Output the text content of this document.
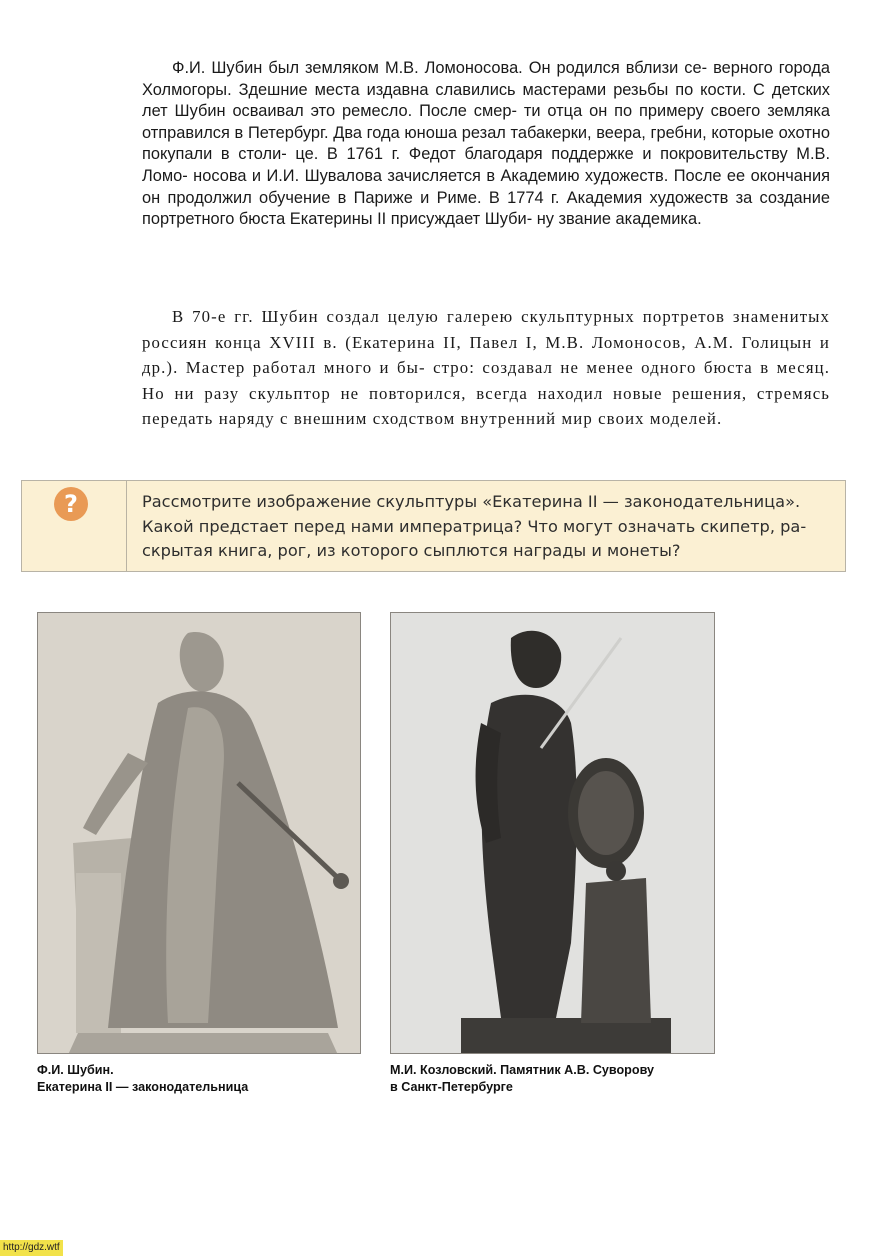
Ф.И. Шубин был земляком М.В. Ломоносова. Он родился вблизи се- верного города Холмогоры. Здешние места издавна славились мастерами резьбы по кости. С детских лет Шубин осваивал это ремесло. После смер- ти отца он по примеру своего земляка отправился в Петербург. Два года юноша резал табакерки, веера, гребни, которые охотно покупали в столи- це. В 1761 г. Федот благодаря поддержке и покровительству М.В. Ломо- носова и И.И. Шувалова зачисляется в Академию художеств. После ее окончания он продолжил обучение в Париже и Риме. В 1774 г. Академия художеств за создание портретного бюста Екатерины II присуждает Шуби- ну звание академика.
В 70-е гг. Шубин создал целую галерею скульптурных портретов знаменитых россиян конца XVIII в. (Екатерина II, Павел I, М.В. Ломоносов, А.М. Голицын и др.). Мастер работал много и бы- стро: создавал не менее одного бюста в месяц. Но ни разу скульптор не повторился, всегда находил новые решения, стремясь передать наряду с внешним сходством внутренний мир своих моделей.
?

Рассмотрите изображение скульптуры «Екатерина II — законодательница».
Какой предстает перед нами императрица? Что могут означать скипетр, ра-
скрытая книга, рог, из которого сыплются награды и монеты?

Ф.И. Шубин.
Екатерина II — законодательница
М.И. Козловский. Памятник А.В. Суворову
в Санкт-Петербурге
http://gdz.wtf
